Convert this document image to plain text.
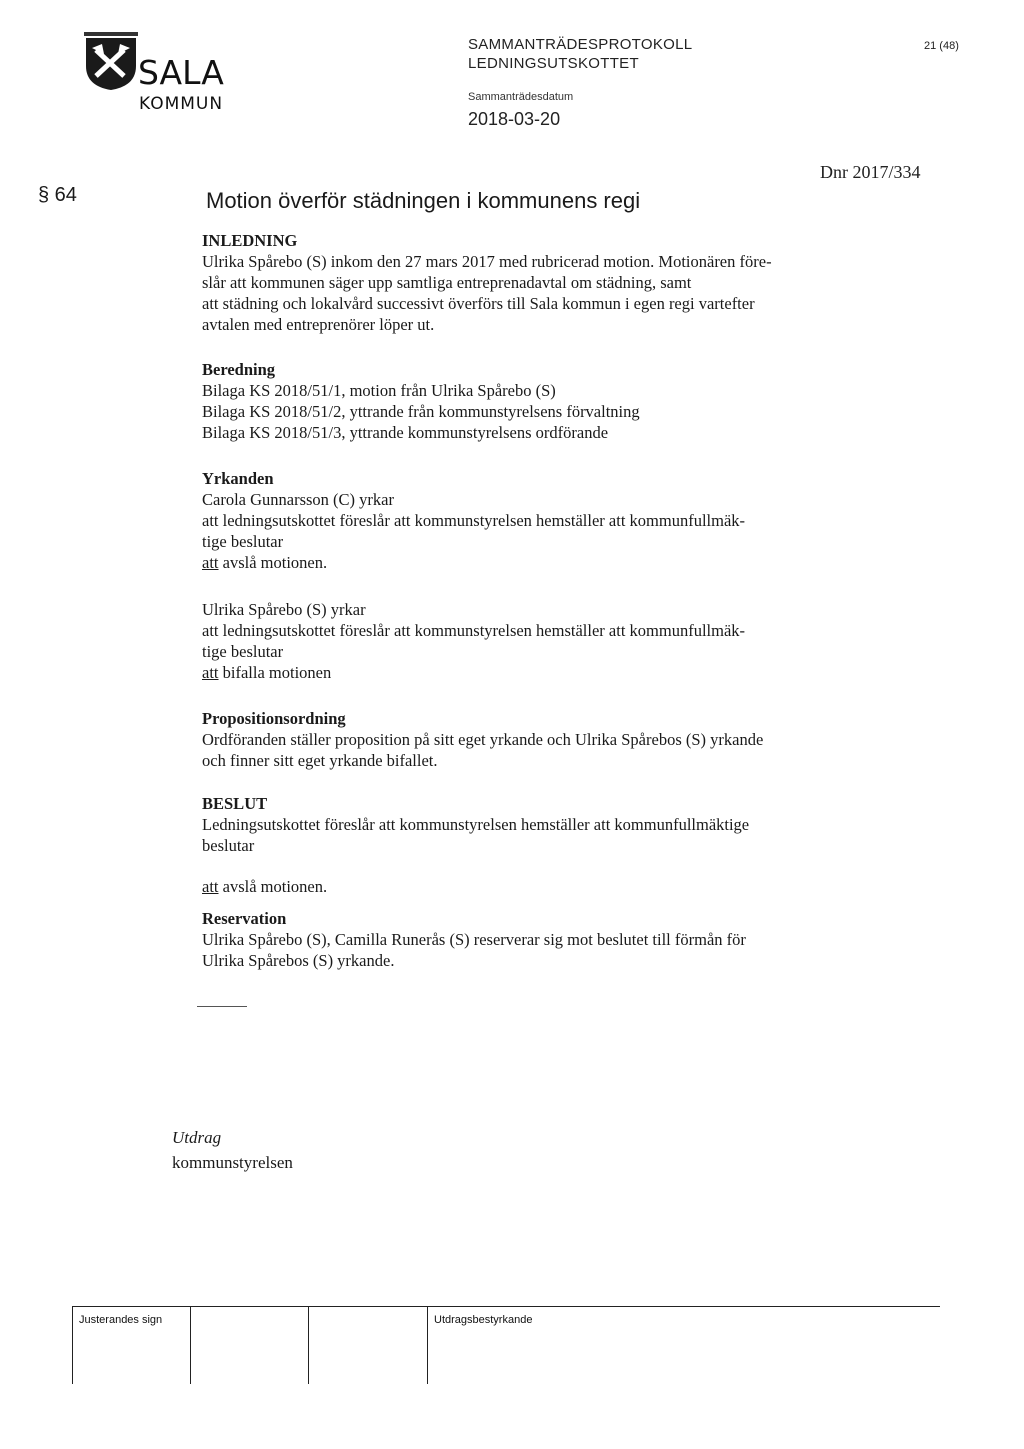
SALA
KOMMUN
SAMMANTRÄDESPROTOKOLL
LEDNINGSUTSKOTTET
21 (48)
Sammanträdesdatum
2018-03-20
§ 64
Dnr 2017/334
Motion överför städningen i kommunens regi
INLEDNING

Ulrika Spårebo (S) inkom den 27 mars 2017 med rubricerad motion. Motionären före-

slår att kommunen säger upp samtliga entreprenadavtal om städning, samt

att städning och lokalvård successivt överförs till Sala kommun i egen regi vartefter

avtalen med entreprenörer löper ut.

Beredning

Bilaga KS 2018/51/1, motion från Ulrika Spårebo (S)

Bilaga KS 2018/51/2, yttrande från kommunstyrelsens förvaltning

Bilaga KS 2018/51/3, yttrande kommunstyrelsens ordförande

Yrkanden

Carola Gunnarsson (C) yrkar

att ledningsutskottet föreslår att kommunstyrelsen hemställer att kommunfullmäk-

tige beslutar

att avslå motionen.

Ulrika Spårebo (S) yrkar

att ledningsutskottet föreslår att kommunstyrelsen hemställer att kommunfullmäk-

tige beslutar

att bifalla motionen

Propositionsordning

Ordföranden ställer proposition på sitt eget yrkande och Ulrika Spårebos (S) yrkande

och finner sitt eget yrkande bifallet.

BESLUT

Ledningsutskottet föreslår att kommunstyrelsen hemställer att kommunfullmäktige

beslutar

att avslå motionen.

Reservation

Ulrika Spårebo (S), Camilla Runerås (S) reserverar sig mot beslutet till förmån för

Ulrika Spårebos (S) yrkande.

Utdrag
kommunstyrelsen
Justerandes sign	Utdragsbestyrkande
